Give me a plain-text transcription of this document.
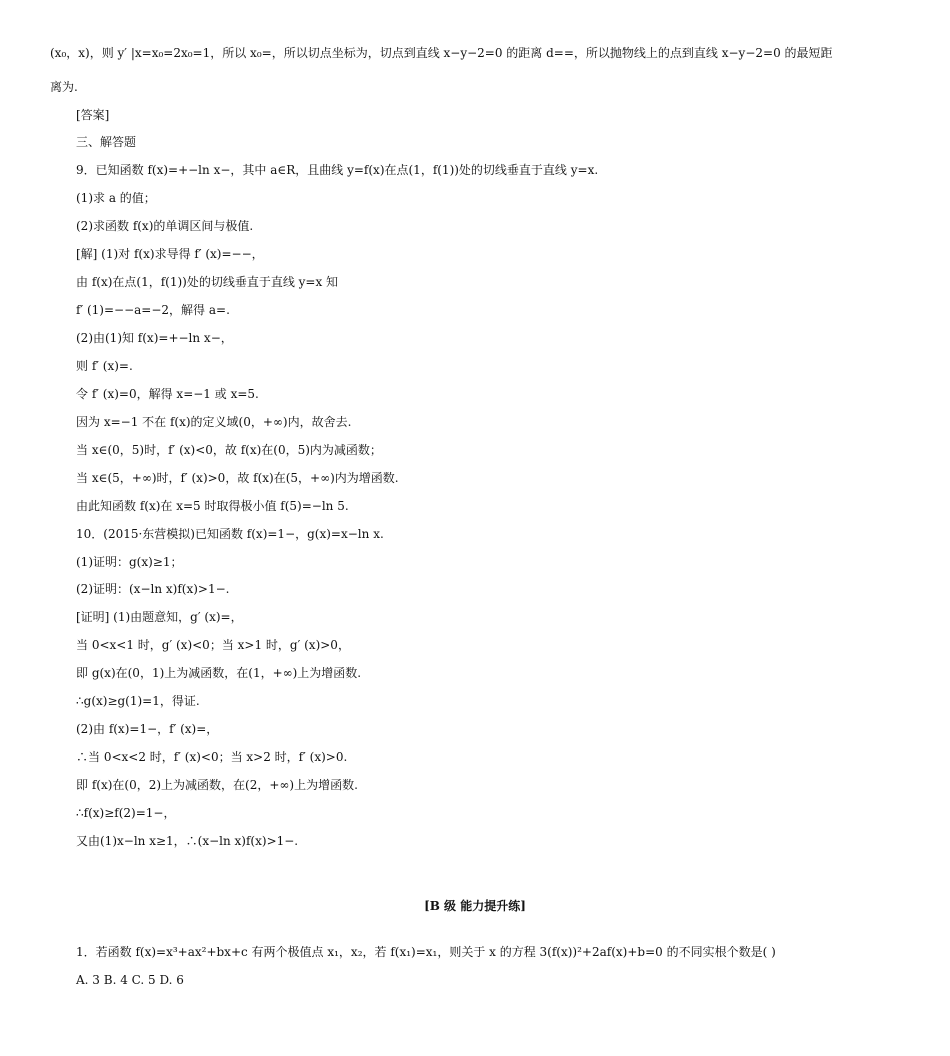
(x₀，x)，则 y′ |x=x₀=2x₀=1，所以 x₀=，所以切点坐标为，切点到直线 x−y−2=0 的距离 d==，所以抛物线上的点到直线 x−y−2=0 的最短距
离为.
[答案]
三、解答题
9．已知函数 f(x)=+−ln x−，其中 a∈R，且曲线 y=f(x)在点(1，f(1))处的切线垂直于直线 y=x.
(1)求 a 的值；
(2)求函数 f(x)的单调区间与极值.
[解] (1)对 f(x)求导得 f′ (x)=−−，
由 f(x)在点(1，f(1))处的切线垂直于直线 y=x 知
f′ (1)=−−a=−2，解得 a=.
(2)由(1)知 f(x)=+−ln x−，
则 f′ (x)=.
令 f′ (x)=0，解得 x=−1 或 x=5.
因为 x=−1 不在 f(x)的定义域(0，+∞)内，故舍去.
当 x∈(0，5)时，f′ (x)<0，故 f(x)在(0，5)内为减函数；
当 x∈(5，+∞)时，f′ (x)>0，故 f(x)在(5，+∞)内为增函数.
由此知函数 f(x)在 x=5 时取得极小值 f(5)=−ln 5.
10．(2015·东营模拟)已知函数 f(x)=1−，g(x)=x−ln x.
(1)证明：g(x)≥1；
(2)证明：(x−ln x)f(x)>1−.
[证明] (1)由题意知，g′ (x)=，
当 0<x<1 时，g′ (x)<0；当 x>1 时，g′ (x)>0，
即 g(x)在(0，1)上为减函数，在(1，+∞)上为增函数.
∴g(x)≥g(1)=1，得证.
(2)由 f(x)=1−，f′ (x)=，
∴当 0<x<2 时，f′ (x)<0；当 x>2 时，f′ (x)>0.
即 f(x)在(0，2)上为减函数，在(2，+∞)上为增函数.
∴f(x)≥f(2)=1−，
又由(1)x−ln x≥1，∴(x−ln x)f(x)>1−.
[B 级 能力提升练]
1．若函数 f(x)=x³+ax²+bx+c 有两个极值点 x₁，x₂，若 f(x₁)=x₁，则关于 x 的方程 3(f(x))²+2af(x)+b=0 的不同实根个数是( )
A. 3 B. 4 C. 5 D. 6
